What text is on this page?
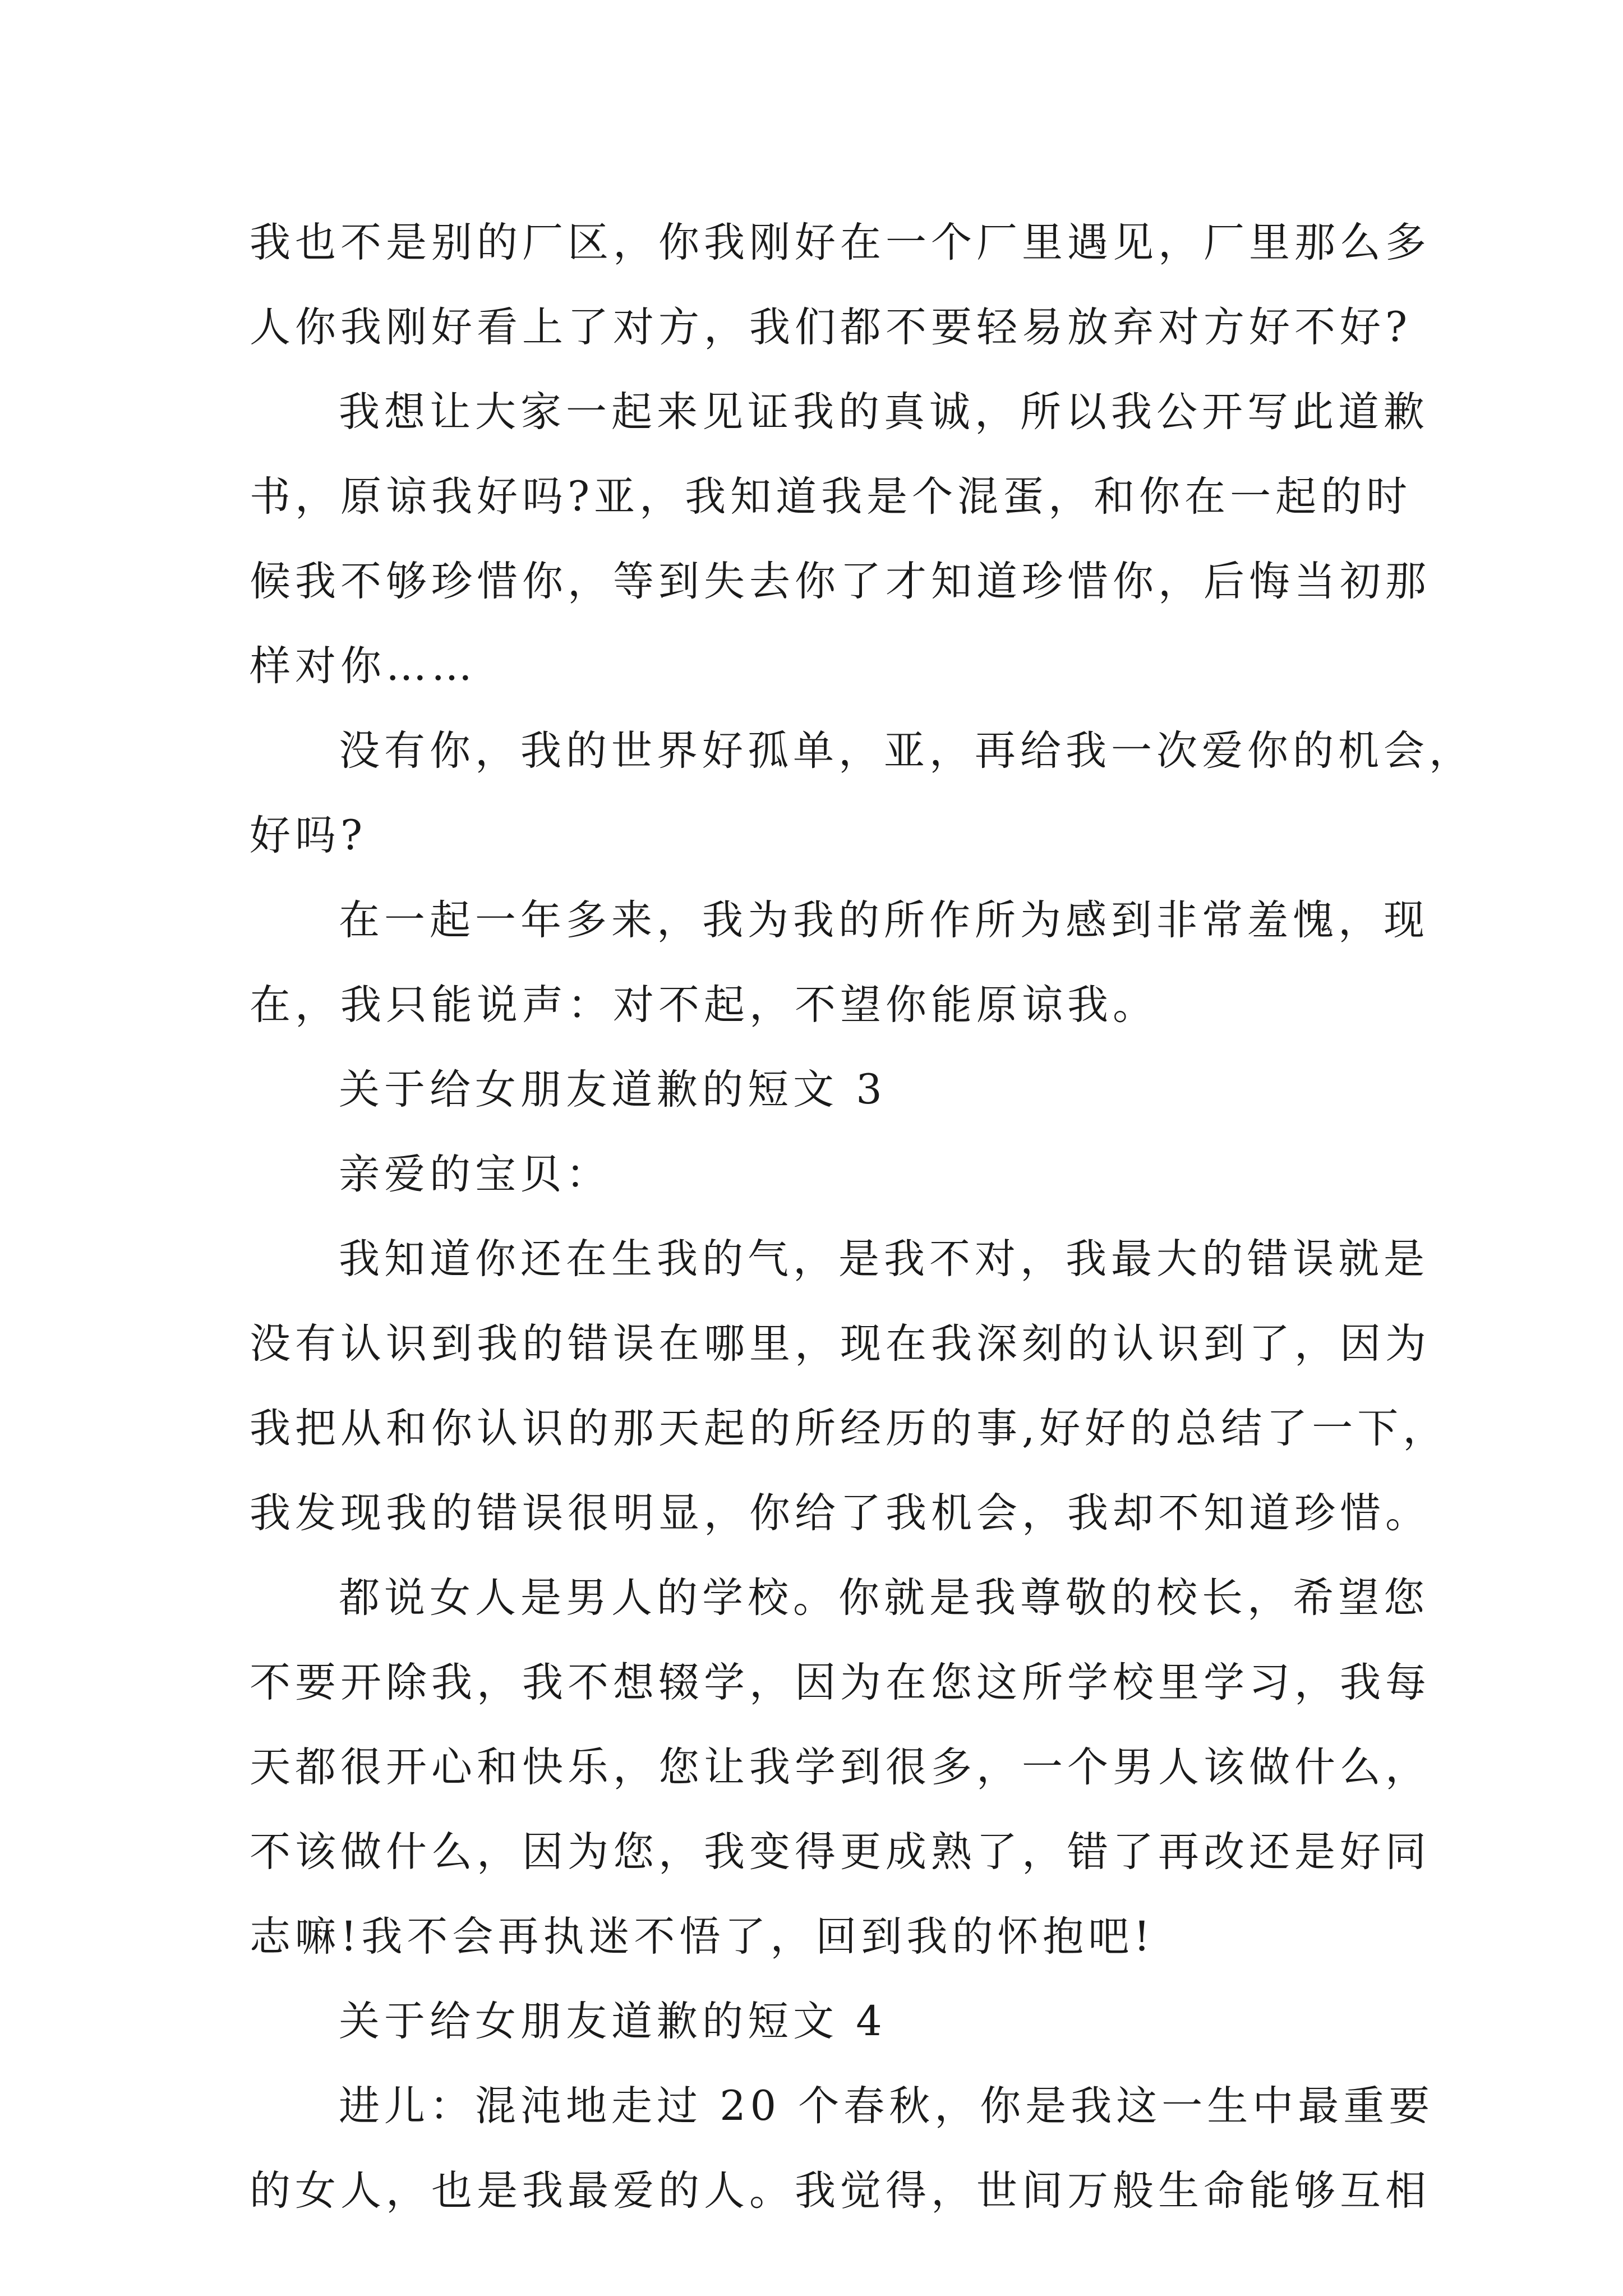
我也不是别的厂区，你我刚好在一个厂里遇见，厂里那么多
人你我刚好看上了对方，我们都不要轻易放弃对方好不好?
我想让大家一起来见证我的真诚，所以我公开写此道歉
书，原谅我好吗?亚，我知道我是个混蛋，和你在一起的时
候我不够珍惜你，等到失去你了才知道珍惜你，后悔当初那
样对你……
没有你，我的世界好孤单，亚，再给我一次爱你的机会，
好吗?
在一起一年多来，我为我的所作所为感到非常羞愧，现
在，我只能说声：对不起，不望你能原谅我。
关于给女朋友道歉的短文 3
亲爱的宝贝：
我知道你还在生我的气，是我不对，我最大的错误就是
没有认识到我的错误在哪里，现在我深刻的认识到了，因为
我把从和你认识的那天起的所经历的事,好好的总结了一下，
我发现我的错误很明显，你给了我机会，我却不知道珍惜。
都说女人是男人的学校。你就是我尊敬的校长，希望您
不要开除我，我不想辍学，因为在您这所学校里学习，我每
天都很开心和快乐，您让我学到很多，一个男人该做什么，
不该做什么，因为您，我变得更成熟了，错了再改还是好同
志嘛!我不会再执迷不悟了，回到我的怀抱吧!
关于给女朋友道歉的短文 4
进儿：混沌地走过 20 个春秋，你是我这一生中最重要
的女人，也是我最爱的人。我觉得，世间万般生命能够互相
